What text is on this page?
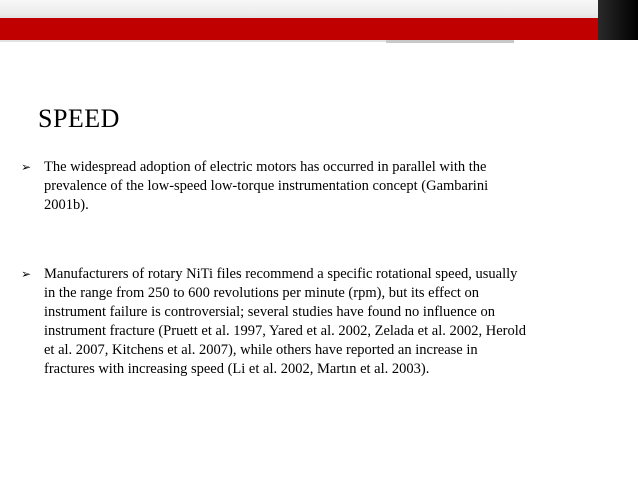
SPEED
➢ The widespread adoption of electric motors has occurred in parallel with the
prevalence of the low-speed low-torque instrumentation concept (Gambarini
2001b).
➢ Manufacturers of rotary NiTi files recommend a specific rotational speed, usually
in the range from 250 to 600 revolutions per minute (rpm), but its effect on
instrument failure is controversial; several studies have found no influence on
instrument fracture (Pruett et al. 1997, Yared et al. 2002, Zelada et al. 2002, Herold
et al. 2007, Kitchens et al. 2007), while others have reported an increase in
fractures with increasing speed (Li et al. 2002, Martın et al. 2003).
